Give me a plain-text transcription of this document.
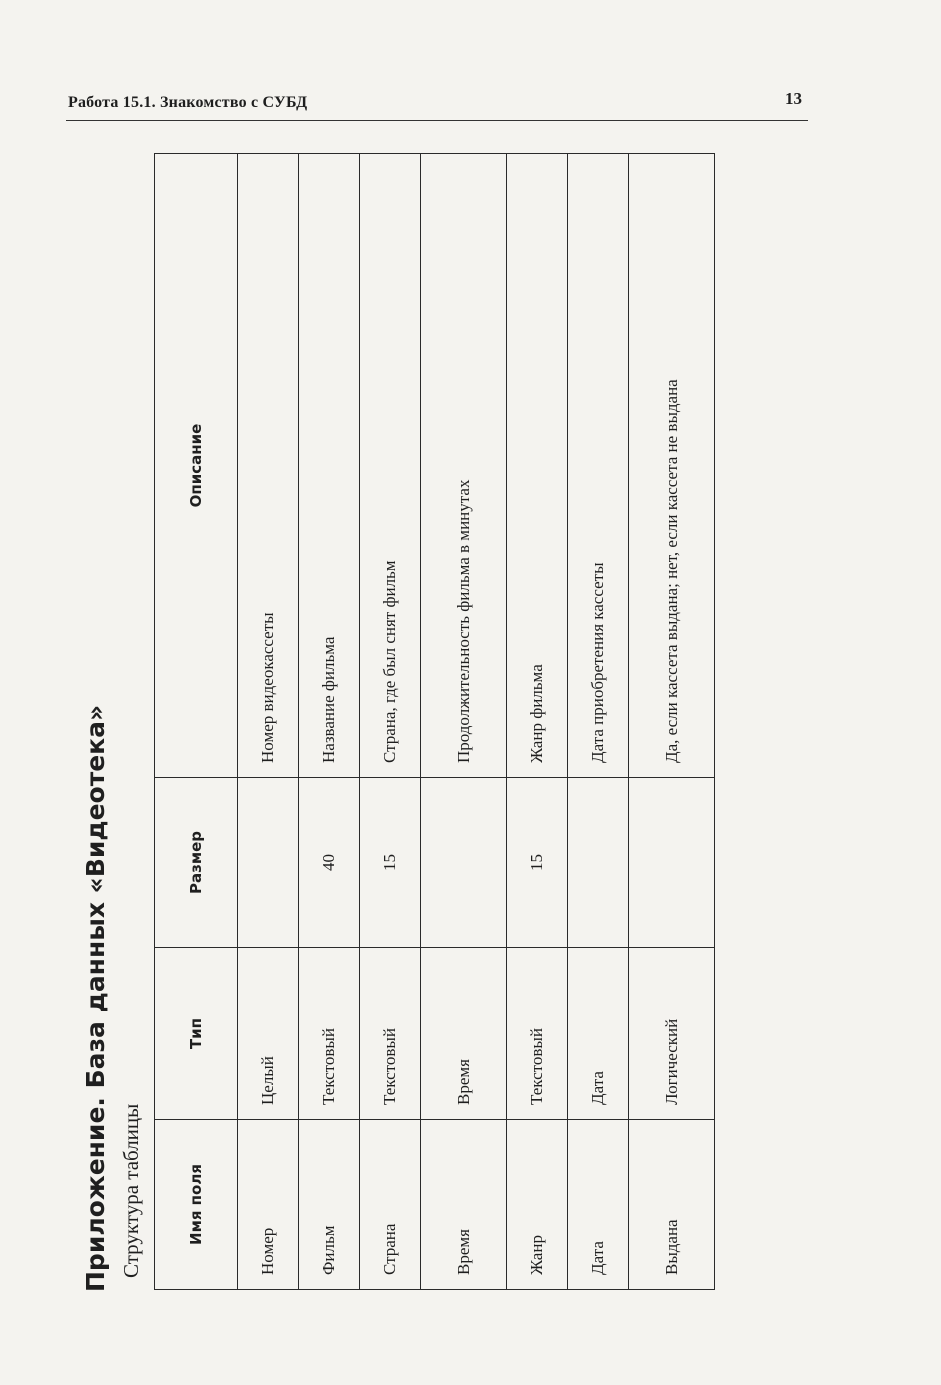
Работа 15.1. Знакомство с СУБД	13
Приложение. База данных «Видеотека» Структура таблицы	Имя поля	Тип	Размер	Описание
Номер	Целый		Номер видеокассеты
Фильм	Текстовый	40	Название фильма
Страна	Текстовый	15	Страна, где был снят фильм
Время	Время		Продолжительность фильма в минутах
Жанр	Текстовый	15	Жанр фильма
Дата	Дата		Дата приобретения кассеты
Выдана	Логический		Да, если кассета выдана; нет, если кассета не выдана
